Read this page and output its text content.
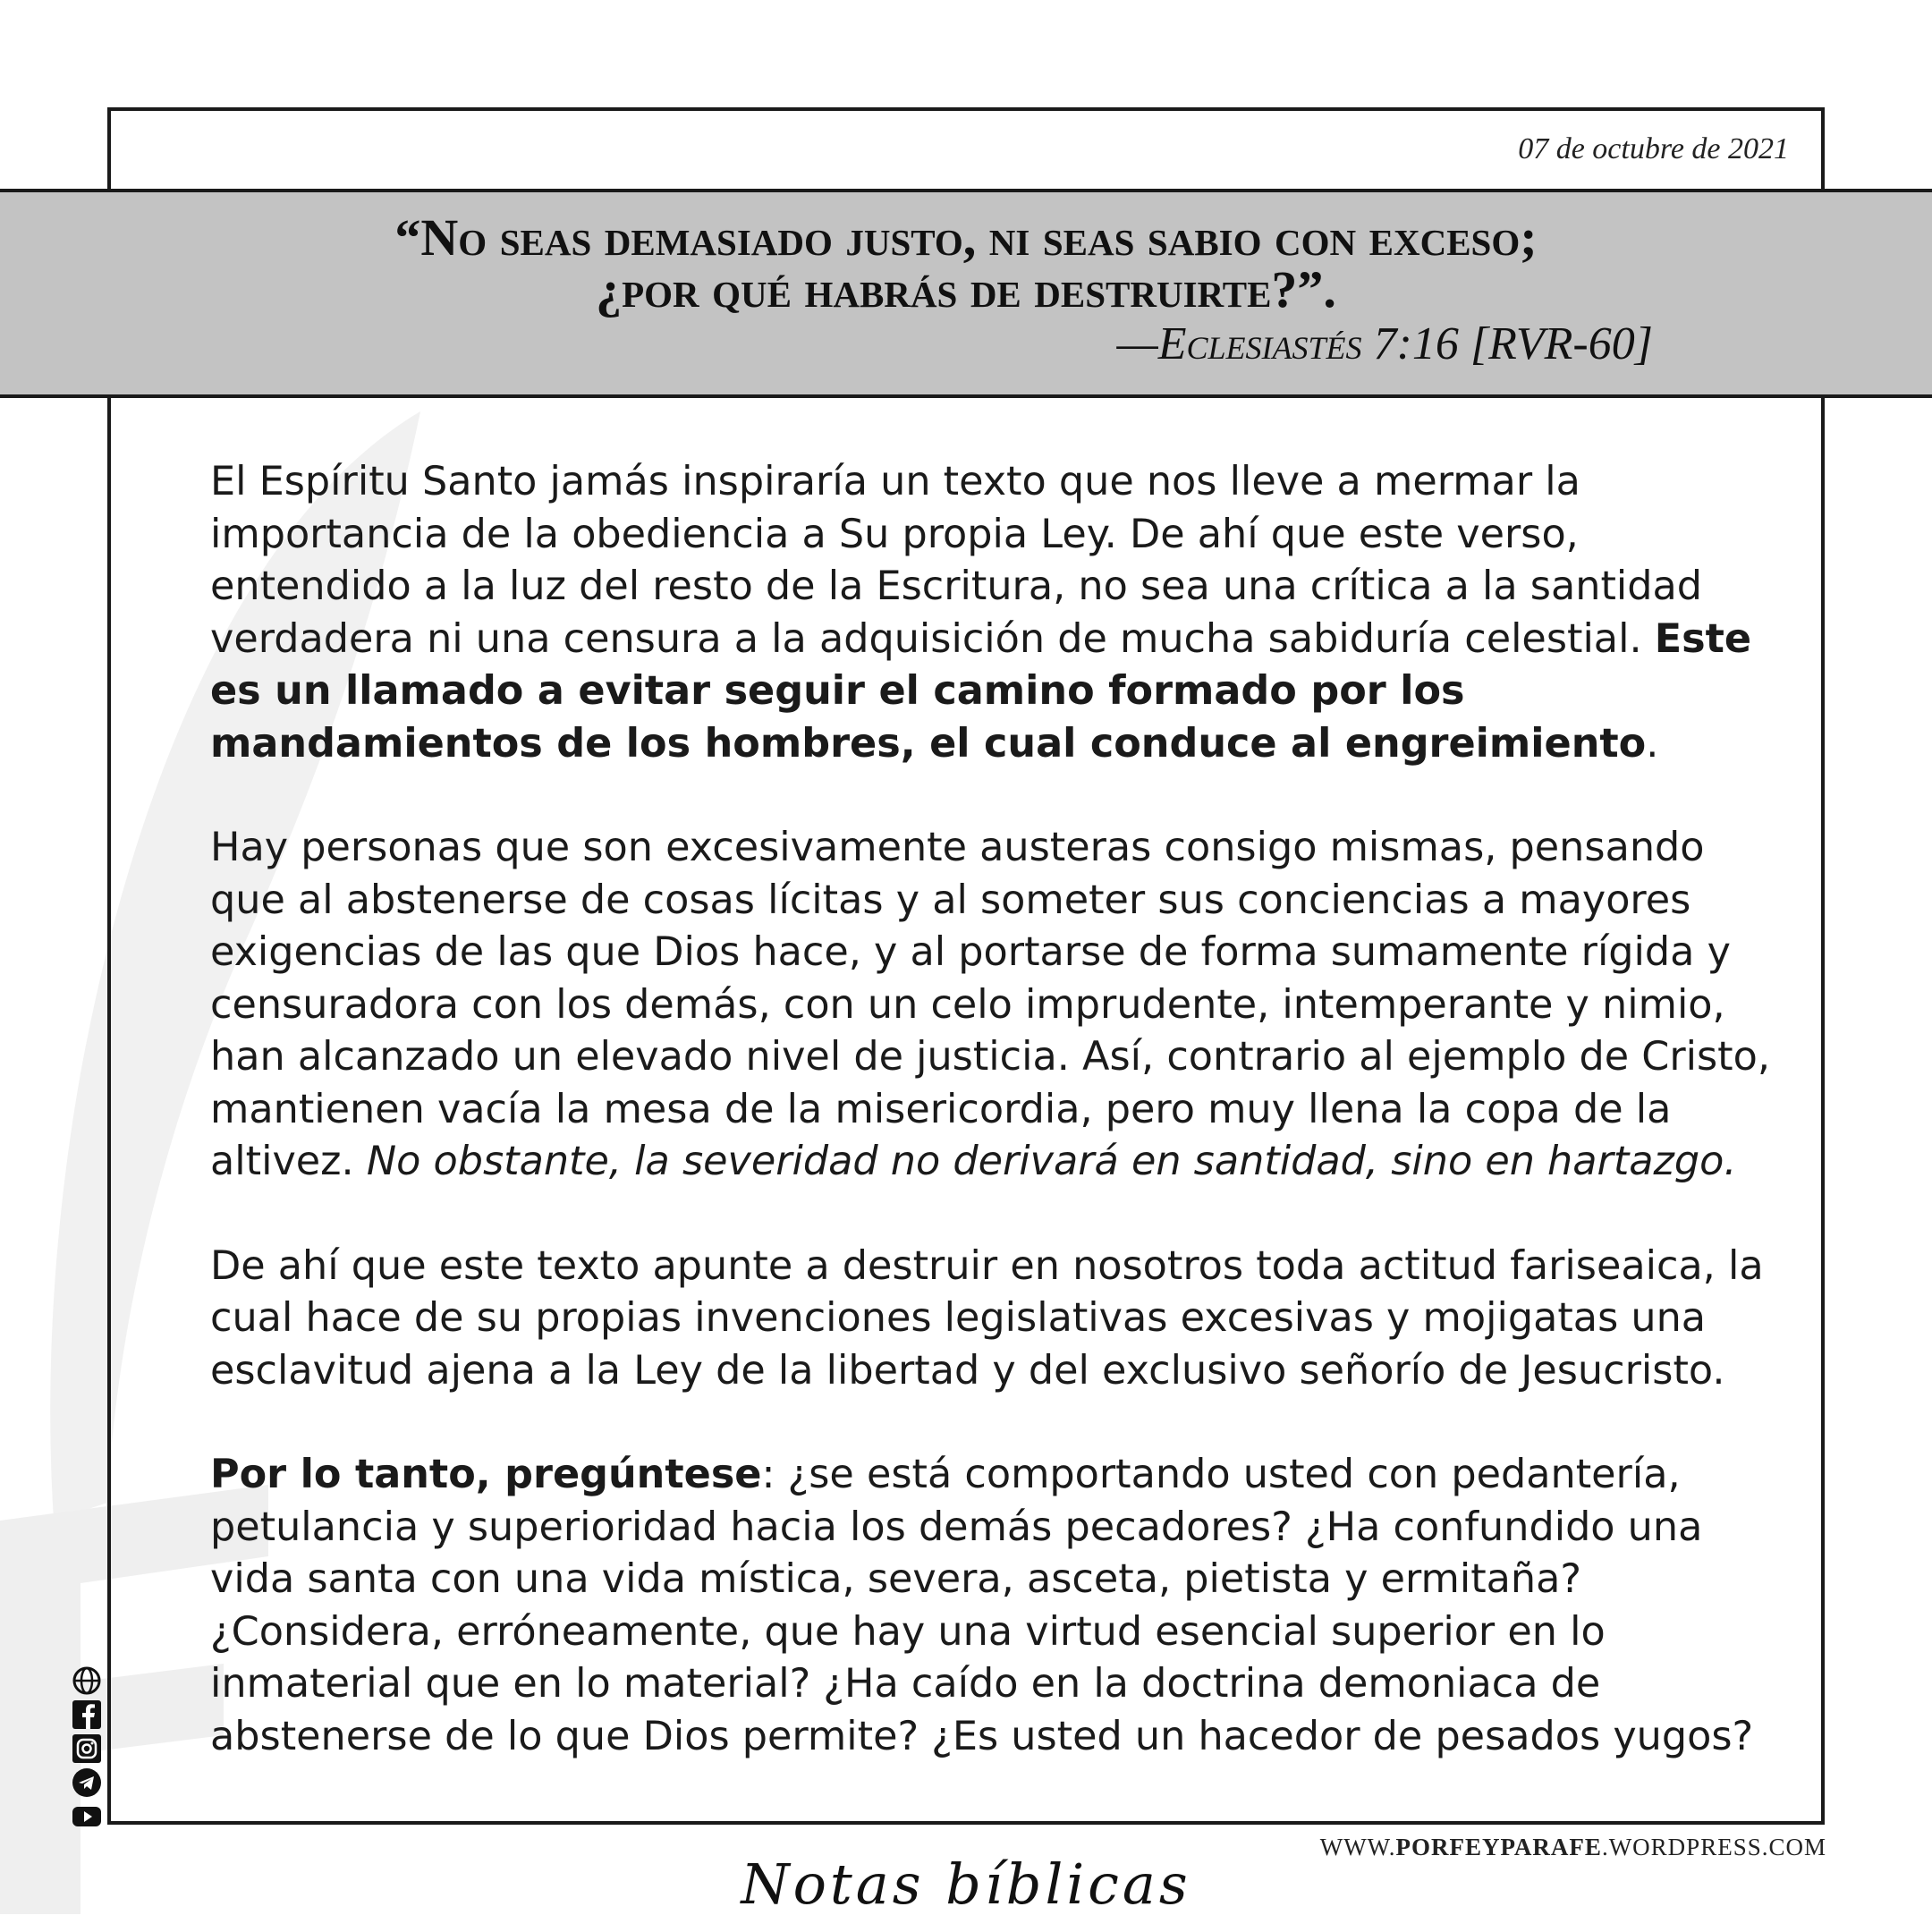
07 de octubre de 2021
“No seas demasiado justo, ni seas sabio con exceso;
¿por qué habrás de destruirte?”.
—Eclesiastés 7:16 [RVR-60]

El Espíritu Santo jamás inspiraría un texto que nos lleve a mermar la importancia de la obediencia a Su propia Ley. De ahí que este verso, entendido a la luz del resto de la Escritura, no sea una crítica a la santidad verdadera ni una censura a la adquisición de mucha sabiduría celestial. Este es un llamado a evitar seguir el camino formado por los mandamientos de los hombres, el cual conduce al engreimiento.

Hay personas que son excesivamente austeras consigo mismas, pensando que al abstenerse de cosas lícitas y al someter sus conciencias a mayores exigencias de las que Dios hace, y al portarse de forma sumamente rígida y censuradora con los demás, con un celo imprudente, intemperante y nimio, han alcanzado un elevado nivel de justicia. Así, contrario al ejemplo de Cristo, mantienen vacía la mesa de la misericordia, pero muy llena la copa de la altivez. No obstante, la severidad no derivará en santidad, sino en hartazgo.

De ahí que este texto apunte a destruir en nosotros toda actitud fariseaica, la cual hace de su propias invenciones legislativas excesivas y mojigatas una esclavitud ajena a la Ley de la libertad y del exclusivo señorío de Jesucristo.

Por lo tanto, pregúntese: ¿se está comportando usted con pedantería, petulancia y superioridad hacia los demás pecadores? ¿Ha confundido una vida santa con una vida mística, severa, asceta, pietista y ermitaña? ¿Considera, erróneamente, que hay una virtud esencial superior en lo inmaterial que en lo material? ¿Ha caído en la doctrina demoniaca de abstenerse de lo que Dios permite? ¿Es usted un hacedor de pesados yugos?

Notas bíblicas
WWW.PORFEYPARAFE.WORDPRESS.COM
